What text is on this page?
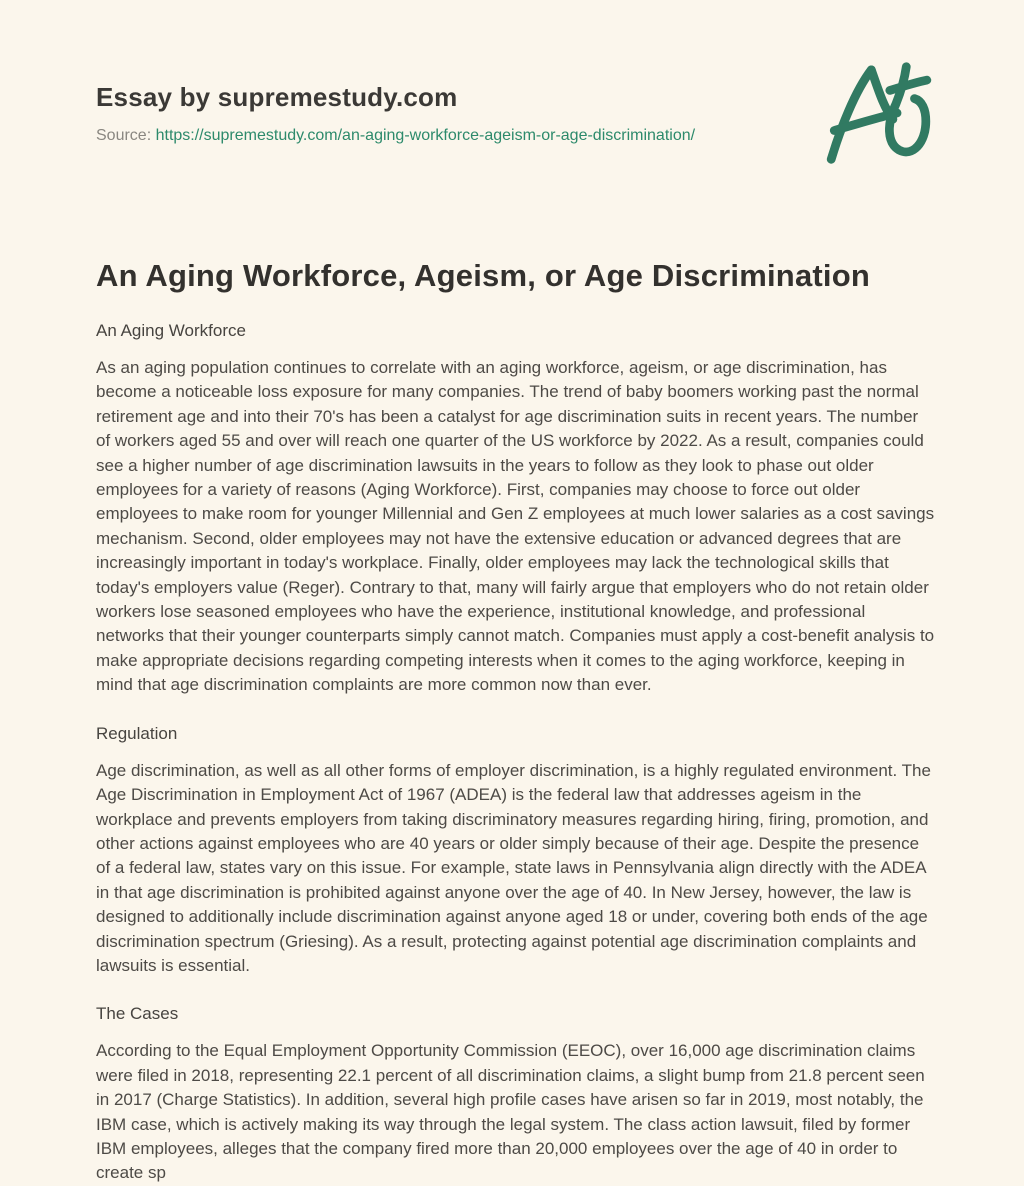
Essay by supremestudy.com

Source: https://supremestudy.com/an-aging-workforce-ageism-or-age-discrimination/

An Aging Workforce, Ageism, or Age Discrimination
An Aging Workforce

As an aging population continues to correlate with an aging workforce, ageism, or age discrimination, has become a noticeable loss exposure for many companies. The trend of baby boomers working past the normal retirement age and into their 70's has been a catalyst for age discrimination suits in recent years. The number of workers aged 55 and over will reach one quarter of the US workforce by 2022. As a result, companies could see a higher number of age discrimination lawsuits in the years to follow as they look to phase out older employees for a variety of reasons (Aging Workforce). First, companies may choose to force out older employees to make room for younger Millennial and Gen Z employees at much lower salaries as a cost savings mechanism. Second, older employees may not have the extensive education or advanced degrees that are increasingly important in today's workplace. Finally, older employees may lack the technological skills that today's employers value (Reger). Contrary to that, many will fairly argue that employers who do not retain older workers lose seasoned employees who have the experience, institutional knowledge, and professional networks that their younger counterparts simply cannot match. Companies must apply a cost-benefit analysis to make appropriate decisions regarding competing interests when it comes to the aging workforce, keeping in mind that age discrimination complaints are more common now than ever.

Regulation

Age discrimination, as well as all other forms of employer discrimination, is a highly regulated environment. The Age Discrimination in Employment Act of 1967 (ADEA) is the federal law that addresses ageism in the workplace and prevents employers from taking discriminatory measures regarding hiring, firing, promotion, and other actions against employees who are 40 years or older simply because of their age. Despite the presence of a federal law, states vary on this issue. For example, state laws in Pennsylvania align directly with the ADEA in that age discrimination is prohibited against anyone over the age of 40. In New Jersey, however, the law is designed to additionally include discrimination against anyone aged 18 or under, covering both ends of the age discrimination spectrum (Griesing). As a result, protecting against potential age discrimination complaints and lawsuits is essential.

The Cases

According to the Equal Employment Opportunity Commission (EEOC), over 16,000 age discrimination claims were filed in 2018, representing 22.1 percent of all discrimination claims, a slight bump from 21.8 percent seen in 2017 (Charge Statistics). In addition, several high profile cases have arisen so far in 2019, most notably, the IBM case, which is actively making its way through the legal system. The class action lawsuit, filed by former IBM employees, alleges that the company fired more than 20,000 employees over the age of 40 in order to create sp
